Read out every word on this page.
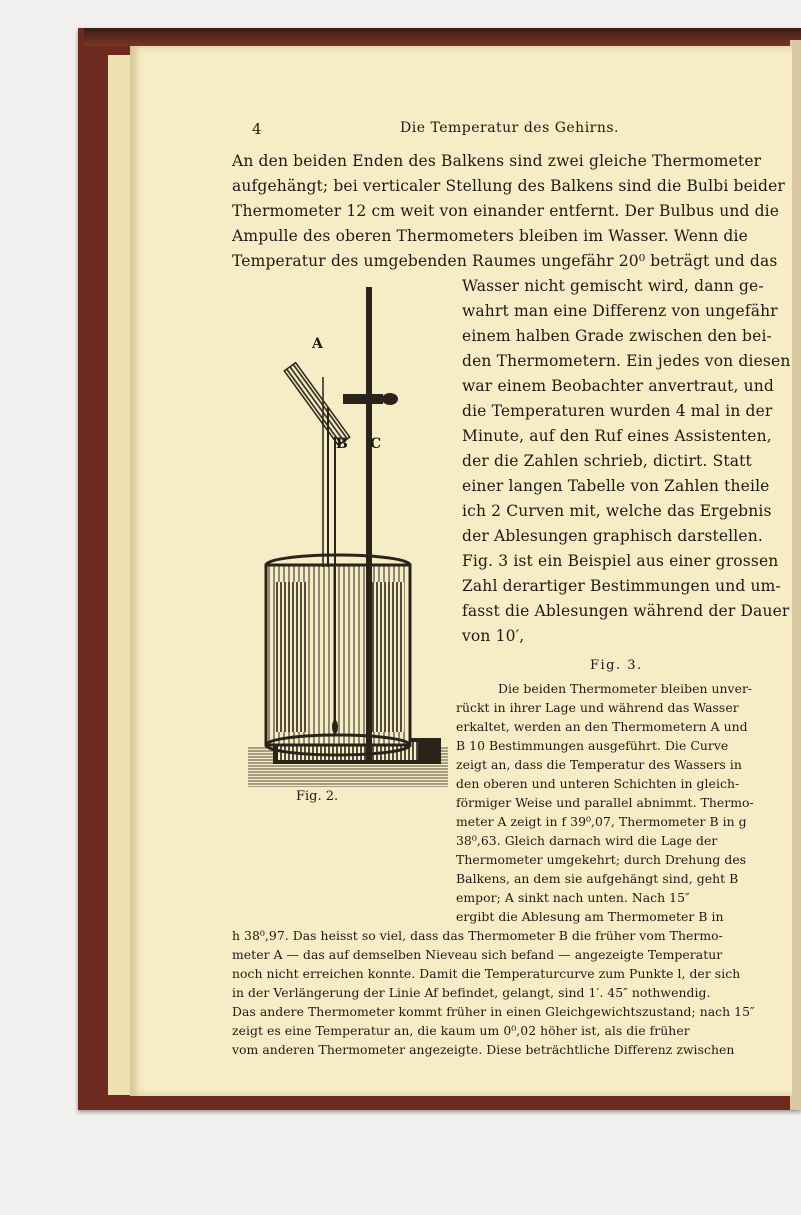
4	Die Temperatur des Gehirns.
An den beiden Enden des Balkens sind zwei gleiche Thermometer
aufgehängt; bei verticaler Stellung des Balkens sind die Bulbi beider
Thermometer 12 cm weit von einander entfernt. Der Bulbus und die
Ampulle des oberen Thermometers bleiben im Wasser. Wenn die
Temperatur des umgebenden Raumes ungefähr 20⁰ beträgt und das
Wasser nicht gemischt wird, dann ge-
wahrt man eine Differenz von ungefähr
einem halben Grade zwischen den bei-
den Thermometern. Ein jedes von diesen
war einem Beobachter anvertraut, und
die Temperaturen wurden 4 mal in der
Minute, auf den Ruf eines Assistenten,
der die Zahlen schrieb, dictirt. Statt
einer langen Tabelle von Zahlen theile
ich 2 Curven mit, welche das Ergebnis
der Ablesungen graphisch darstellen.
Fig. 3 ist ein Beispiel aus einer grossen
Zahl derartiger Bestimmungen und um-
fasst die Ablesungen während der Dauer
von 10′,
Fig. 3.
Die beiden Thermometer bleiben unver-
rückt in ihrer Lage und während das Wasser
erkaltet, werden an den Thermometern A und
B 10 Bestimmungen ausgeführt. Die Curve
zeigt an, dass die Temperatur des Wassers in
den oberen und unteren Schichten in gleich-
förmiger Weise und parallel abnimmt. Thermo-
meter A zeigt in f 39⁰,07, Thermometer B in g
38⁰,63. Gleich darnach wird die Lage der
Thermometer umgekehrt; durch Drehung des
Balkens, an dem sie aufgehängt sind, geht B
empor; A sinkt nach unten. Nach 15″
ergibt die Ablesung am Thermometer B in
h 38⁰,97. Das heisst so viel, dass das Thermometer B die früher vom Thermo-
meter A — das auf demselben Nieveau sich befand — angezeigte Temperatur
noch nicht erreichen konnte. Damit die Temperaturcurve zum Punkte l, der sich
in der Verlängerung der Linie Af befindet, gelangt, sind 1′. 45″ nothwendig.
Das andere Thermometer kommt früher in einen Gleichgewichtszustand; nach 15″
zeigt es eine Temperatur an, die kaum um 0⁰,02 höher ist, als die früher
vom anderen Thermometer angezeigte. Diese beträchtliche Differenz zwischen
A
B C
Fig. 2.
